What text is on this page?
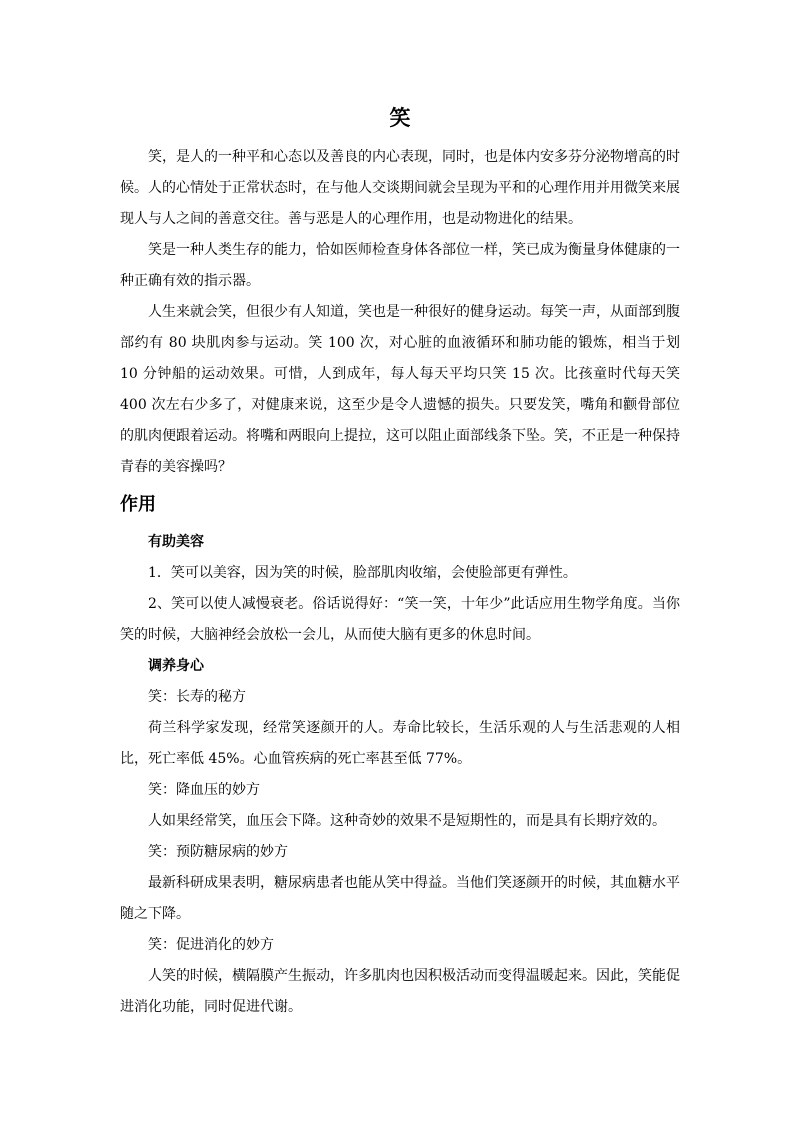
笑

笑，是人的一种平和心态以及善良的内心表现，同时，也是体内安多芬分泌物增高的时候。人的心情处于正常状态时，在与他人交谈期间就会呈现为平和的心理作用并用微笑来展现人与人之间的善意交往。善与恶是人的心理作用，也是动物进化的结果。

笑是一种人类生存的能力，恰如医师检查身体各部位一样，笑已成为衡量身体健康的一种正确有效的指示器。

人生来就会笑，但很少有人知道，笑也是一种很好的健身运动。每笑一声，从面部到腹部约有 80 块肌肉参与运动。笑 100 次，对心脏的血液循环和肺功能的锻炼，相当于划 10 分钟船的运动效果。可惜，人到成年，每人每天平均只笑 15 次。比孩童时代每天笑 400 次左右少多了，对健康来说，这至少是令人遗憾的损失。只要发笑，嘴角和颧骨部位的肌肉便跟着运动。将嘴和两眼向上提拉，这可以阻止面部线条下坠。笑，不正是一种保持青春的美容操吗？

作用
有助美容

1．笑可以美容，因为笑的时候，脸部肌肉收缩，会使脸部更有弹性。

2、笑可以使人减慢衰老。俗话说得好：“笑一笑，十年少”此话应用生物学角度。当你笑的时候，大脑神经会放松一会儿，从而使大脑有更多的休息时间。

调养身心

笑：长寿的秘方

荷兰科学家发现，经常笑逐颜开的人。寿命比较长，生活乐观的人与生活悲观的人相比，死亡率低 45%。心血管疾病的死亡率甚至低 77%。

笑：降血压的妙方

人如果经常笑，血压会下降。这种奇妙的效果不是短期性的，而是具有长期疗效的。

笑：预防糖尿病的妙方

最新科研成果表明，糖尿病患者也能从笑中得益。当他们笑逐颜开的时候，其血糖水平随之下降。

笑：促进消化的妙方

人笑的时候，横隔膜产生振动，许多肌肉也因积极活动而变得温暖起来。因此，笑能促进消化功能，同时促进代谢。
